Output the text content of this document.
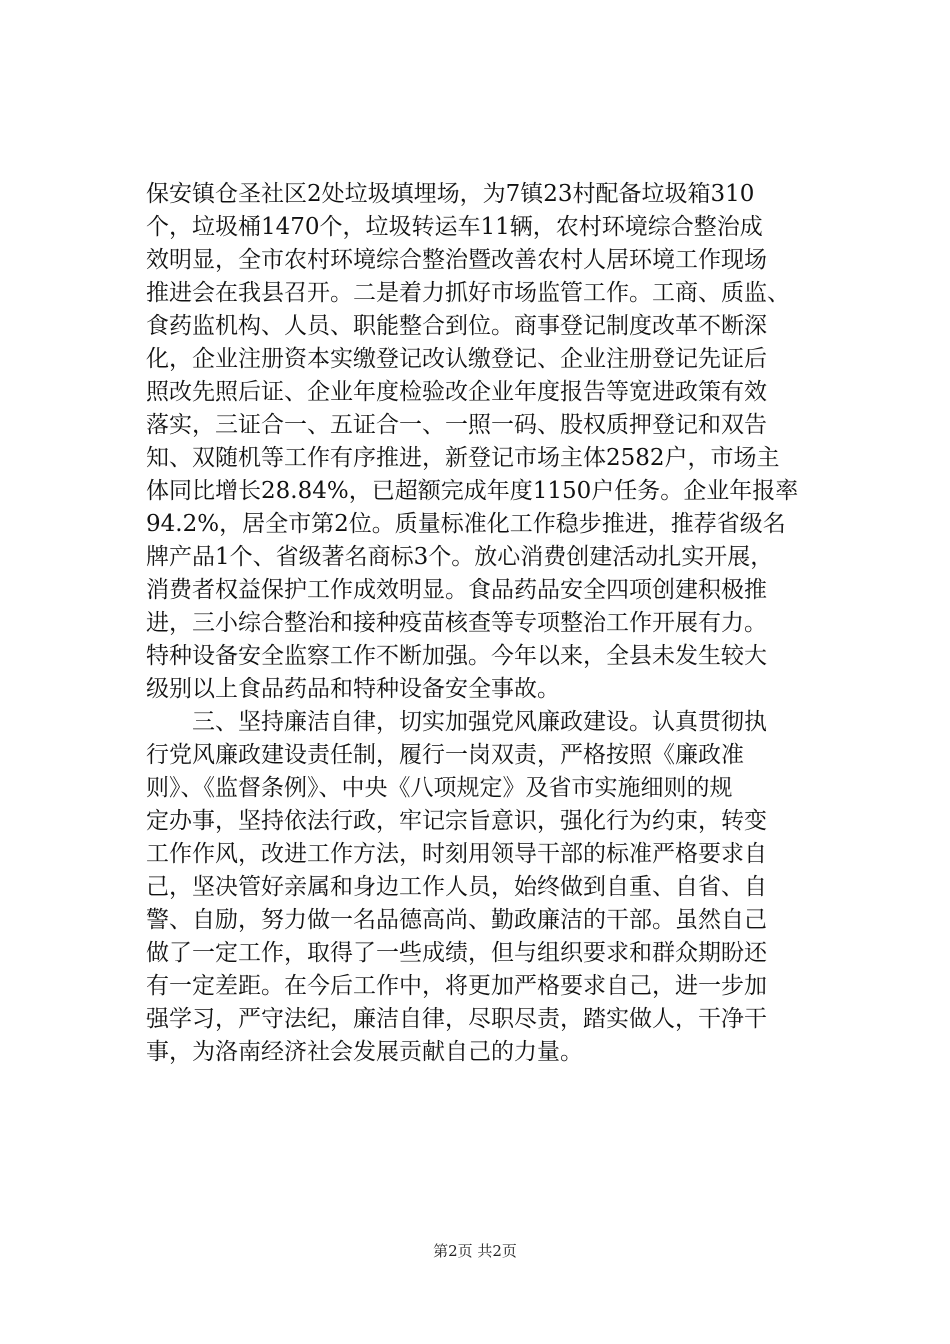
保安镇仓圣社区2处垃圾填埋场，为7镇23村配备垃圾箱310
个，垃圾桶1470个，垃圾转运车11辆，农村环境综合整治成
效明显，全市农村环境综合整治暨改善农村人居环境工作现场
推进会在我县召开。二是着力抓好市场监管工作。工商、质监、
食药监机构、人员、职能整合到位。商事登记制度改革不断深
化，企业注册资本实缴登记改认缴登记、企业注册登记先证后
照改先照后证、企业年度检验改企业年度报告等宽进政策有效
落实，三证合一、五证合一、一照一码、股权质押登记和双告
知、双随机等工作有序推进，新登记市场主体2582户，市场主
体同比增长28.84%，已超额完成年度1150户任务。企业年报率
94.2%，居全市第2位。质量标准化工作稳步推进，推荐省级名
牌产品1个、省级著名商标3个。放心消费创建活动扎实开展，
消费者权益保护工作成效明显。食品药品安全四项创建积极推
进，三小综合整治和接种疫苗核查等专项整治工作开展有力。
特种设备安全监察工作不断加强。今年以来，全县未发生较大
级别以上食品药品和特种设备安全事故。
三、坚持廉洁自律，切实加强党风廉政建设。认真贯彻执
行党风廉政建设责任制，履行一岗双责，严格按照《廉政准
则》、《监督条例》、中央《八项规定》及省市实施细则的规
定办事，坚持依法行政，牢记宗旨意识，强化行为约束，转变
工作作风，改进工作方法，时刻用领导干部的标准严格要求自
己，坚决管好亲属和身边工作人员，始终做到自重、自省、自
警、自励，努力做一名品德高尚、勤政廉洁的干部。虽然自己
做了一定工作，取得了一些成绩，但与组织要求和群众期盼还
有一定差距。在今后工作中，将更加严格要求自己，进一步加
强学习，严守法纪，廉洁自律，尽职尽责，踏实做人，干净干
事，为洛南经济社会发展贡献自己的力量。
第2页 共2页
